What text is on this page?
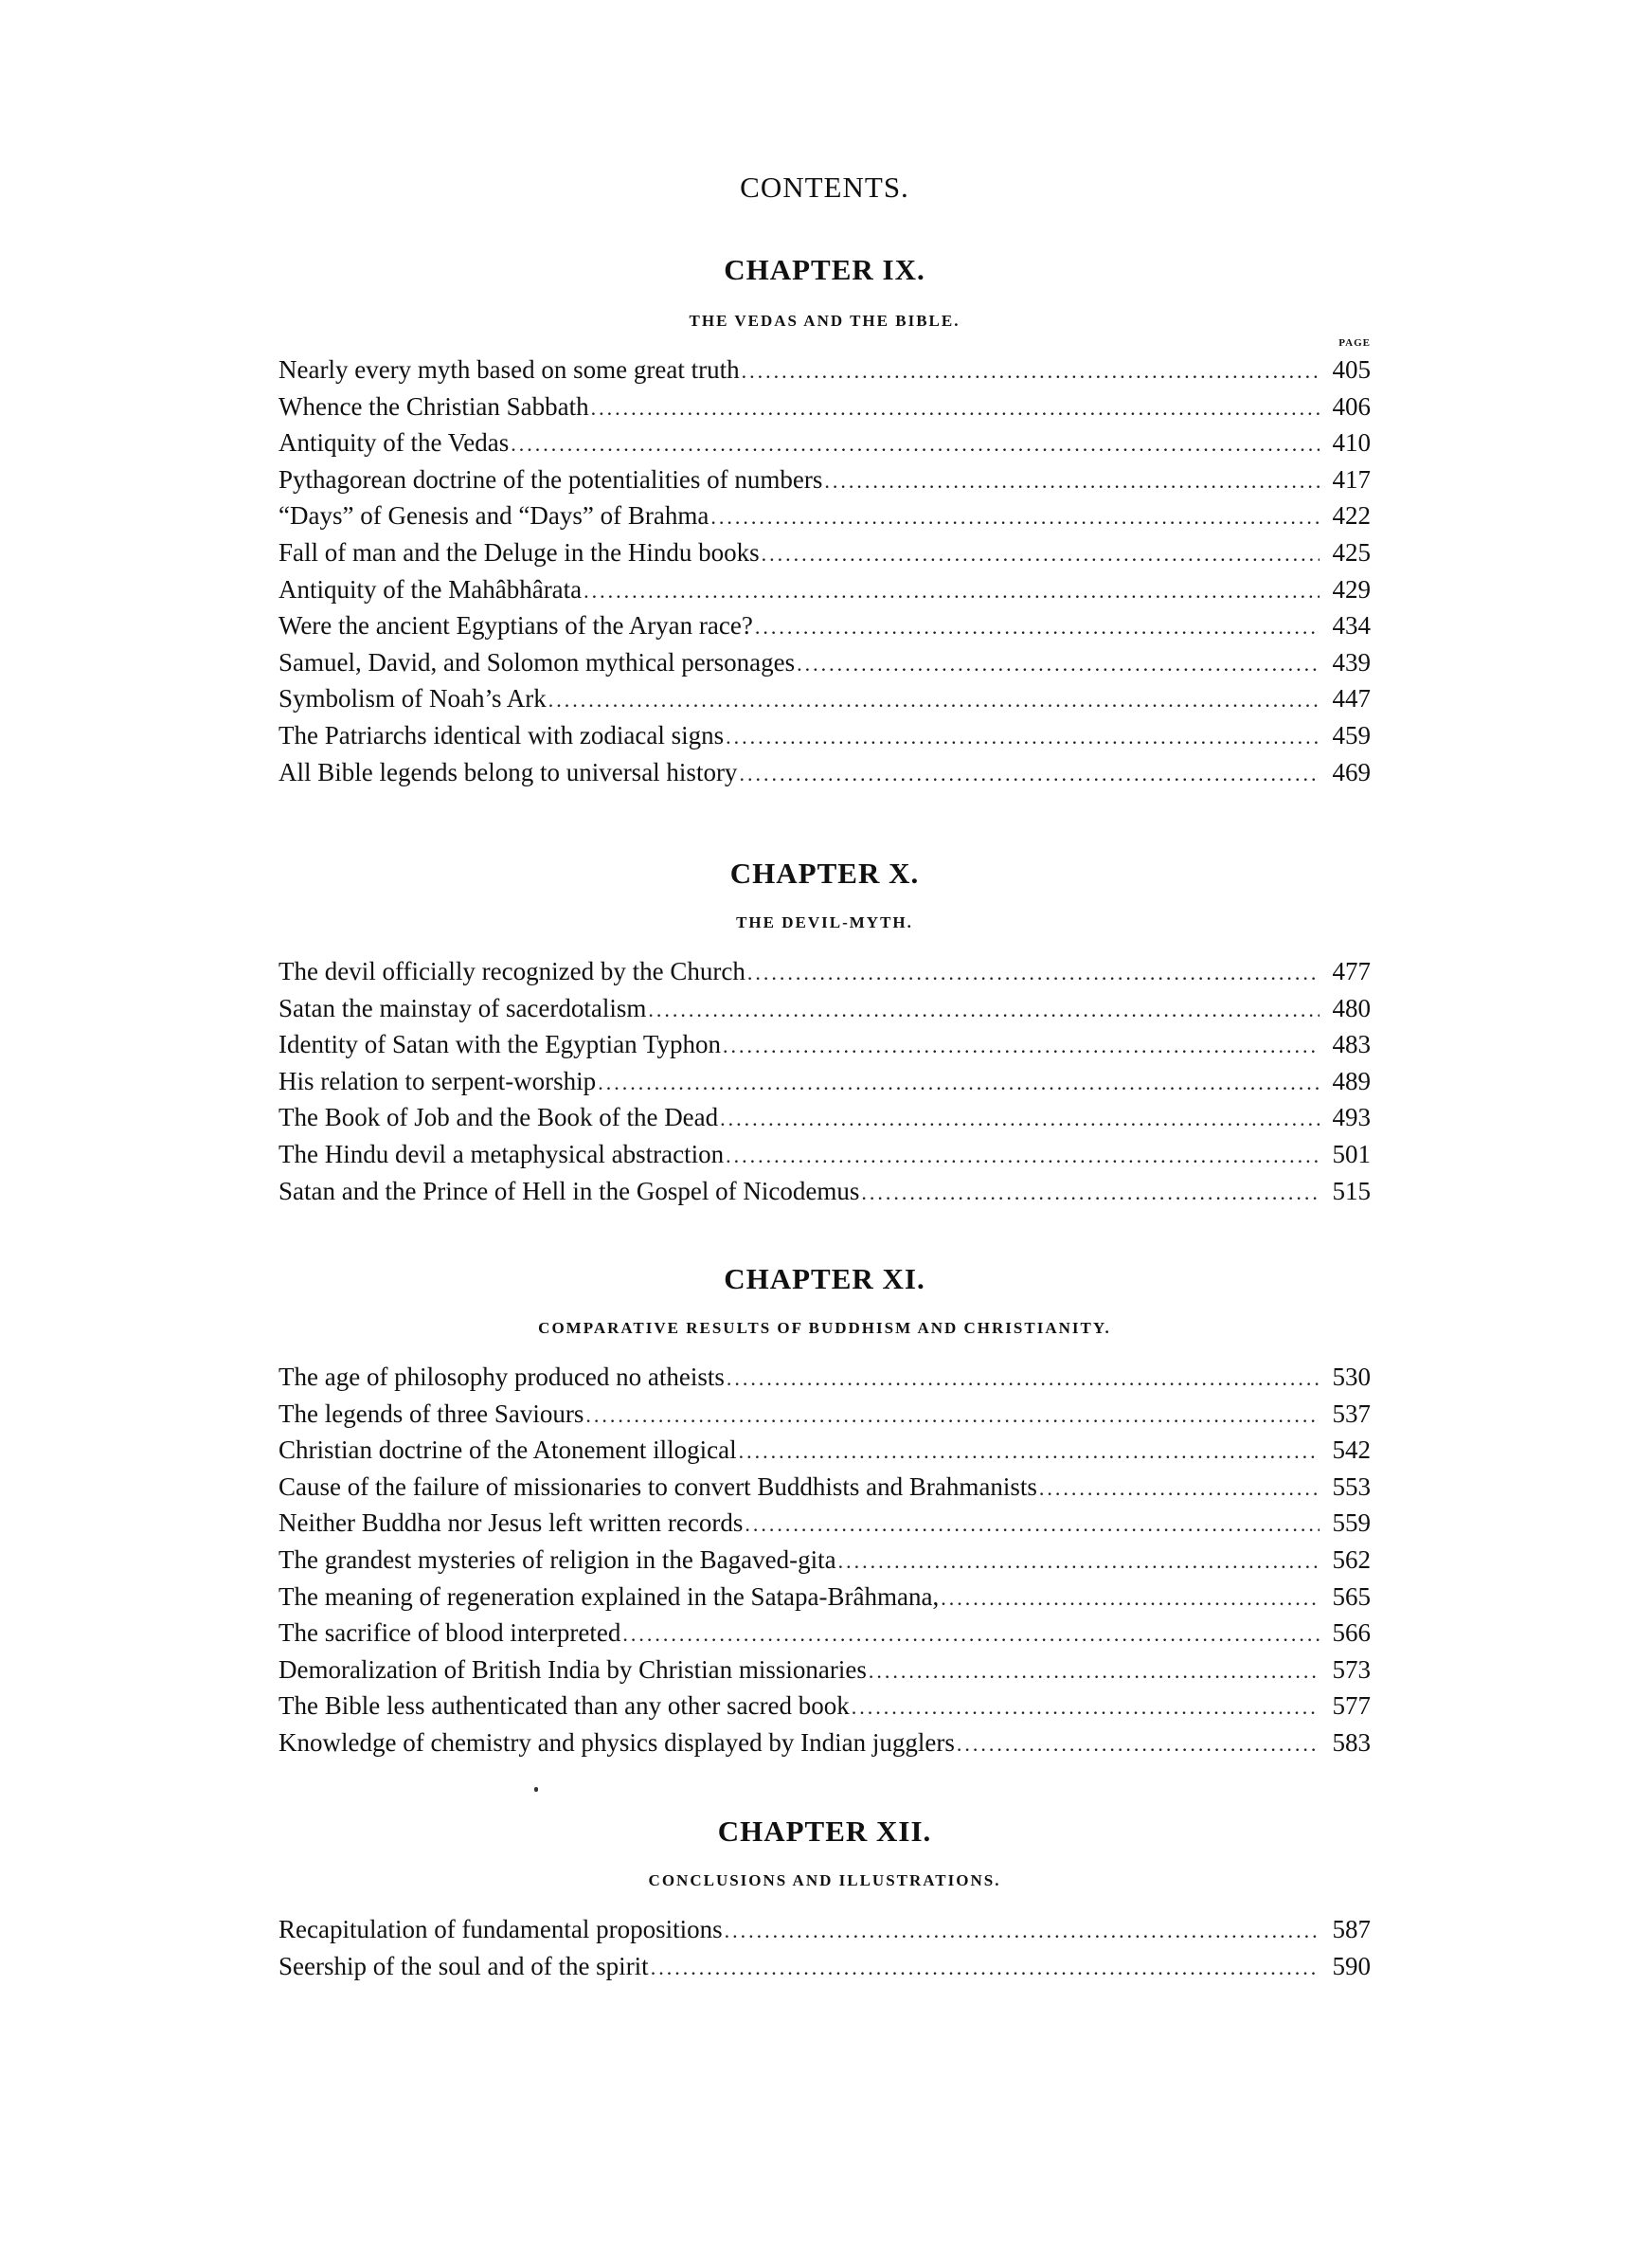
CONTENTS.
CHAPTER IX.
THE VEDAS AND THE BIBLE.
PAGE
Nearly every myth based on some great truth .....	405
Whence the Christian Sabbath .....	406
Antiquity of the Vedas .....	410
Pythagorean doctrine of the potentialities of numbers .....	417
“Days” of Genesis and “Days” of Brahma .....	422
Fall of man and the Deluge in the Hindu books .....	425
Antiquity of the Mahâbhârata .....	429
Were the ancient Egyptians of the Aryan race? .....	434
Samuel, David, and Solomon mythical personages .....	439
Symbolism of Noah’s Ark .....	447
The Patriarchs identical with zodiacal signs .....	459
All Bible legends belong to universal history .....	469
CHAPTER X.
THE DEVIL-MYTH.
The devil officially recognized by the Church .....	477
Satan the mainstay of sacerdotalism .....	480
Identity of Satan with the Egyptian Typhon .....	483
His relation to serpent-worship .....	489
The Book of Job and the Book of the Dead .....	493
The Hindu devil a metaphysical abstraction .....	501
Satan and the Prince of Hell in the Gospel of Nicodemus .....	515
CHAPTER XI.
COMPARATIVE RESULTS OF BUDDHISM AND CHRISTIANITY.
The age of philosophy produced no atheists .....	530
The legends of three Saviours .....	537
Christian doctrine of the Atonement illogical .....	542
Cause of the failure of missionaries to convert Buddhists and Brahmanists .....	553
Neither Buddha nor Jesus left written records .....	559
The grandest mysteries of religion in the Bagaved-gita .....	562
The meaning of regeneration explained in the Satapa-Brâhmana, .....	565
The sacrifice of blood interpreted .....	566
Demoralization of British India by Christian missionaries .....	573
The Bible less authenticated than any other sacred book .....	577
Knowledge of chemistry and physics displayed by Indian jugglers .....	583
CHAPTER XII.
CONCLUSIONS AND ILLUSTRATIONS.
Recapitulation of fundamental propositions .....	587
Seership of the soul and of the spirit .....	590
